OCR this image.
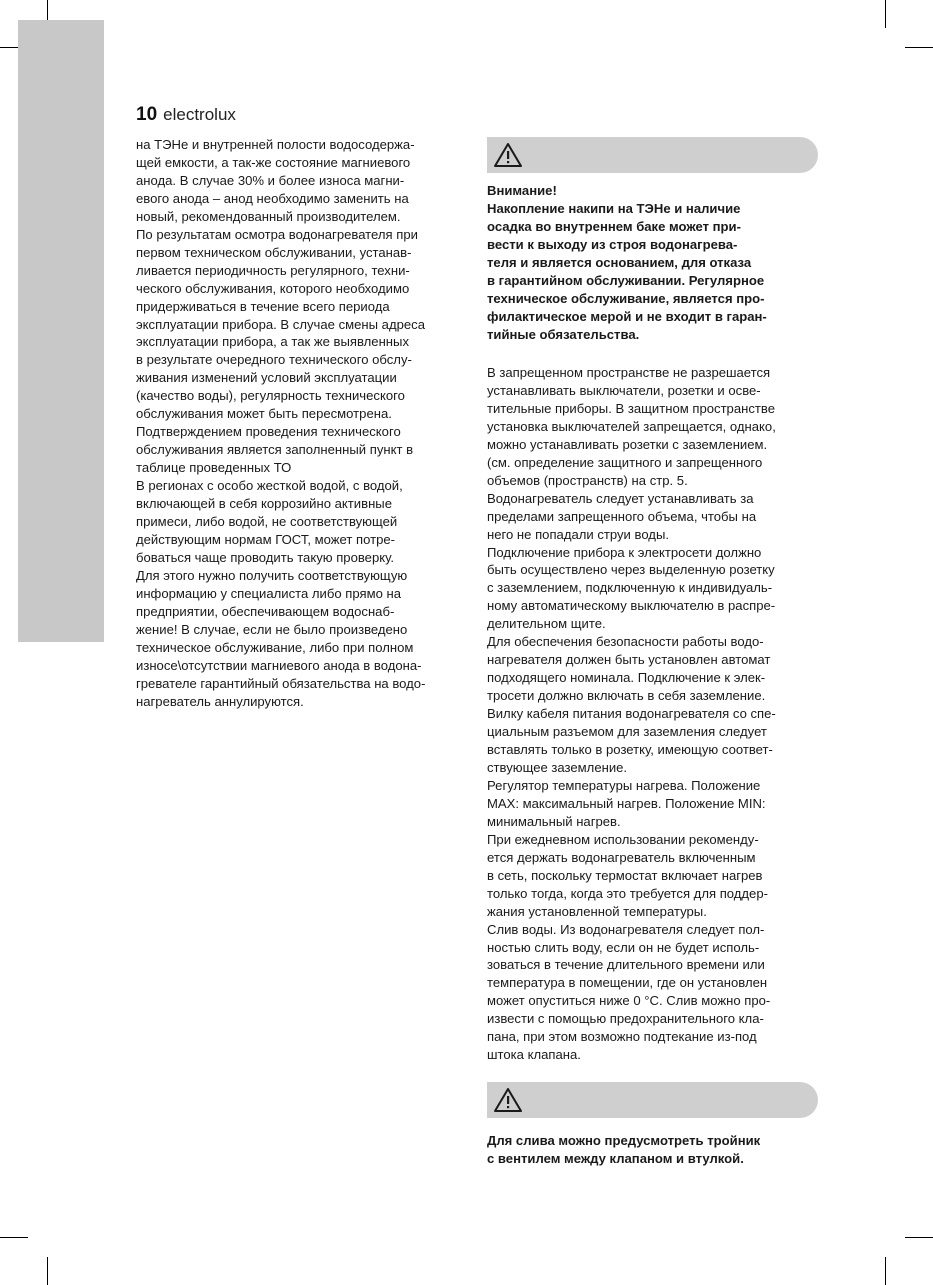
10 electrolux
на ТЭНе и внутренней полости водосодержа-
щей емкости, а так-же состояние магниевого
анода. В случае 30% и более износа магни-
евого анода – анод необходимо заменить на
новый, рекомендованный производителем.
По результатам осмотра водонагревателя при
первом техническом обслуживании, устанав-
ливается периодичность регулярного, техни-
ческого обслуживания, которого необходимо
придерживаться в течение всего периода
эксплуатации прибора. В случае смены адреса
эксплуатации прибора, а так же выявленных
в результате очередного технического обслу-
живания изменений условий эксплуатации
(качество воды), регулярность технического
обслуживания может быть пересмотрена.
Подтверждением проведения технического
обслуживания является заполненный пункт в
таблице проведенных ТО
В регионах с особо жесткой водой, с водой,
включающей в себя коррозийно активные
примеси, либо водой, не соответствующей
действующим нормам ГОСТ, может потре-
боваться чаще проводить такую проверку.
Для этого нужно получить соответствующую
информацию у специалиста либо прямо на
предприятии, обеспечивающем водоснаб-
жение! В случае, если не было произведено
техническое обслуживание, либо при полном
износе\отсутствии магниевого анода в водона-
гревателе гарантийный обязательства на водо-
нагреватель аннулируются.
Внимание!
Накопление накипи на ТЭНе и наличие
осадка во внутреннем баке может при-
вести к выходу из строя водонагрева-
теля и является основанием, для отказа
в гарантийном обслуживании. Регулярное
техническое обслуживание, является про-
филактическое мерой и не входит в гаран-
тийные обязательства.
В запрещенном пространстве не разрешается
устанавливать выключатели, розетки и осве-
тительные приборы. В защитном пространстве
установка выключателей запрещается, однако,
можно устанавливать розетки с заземлением.
(см. определение защитного и запрещенного
объемов (пространств) на стр. 5.
Водонагреватель следует устанавливать за
пределами запрещенного объема, чтобы на
него не попадали струи воды.
Подключение прибора к электросети должно
быть осуществлено через выделенную розетку
с заземлением, подключенную к индивидуаль-
ному автоматическому выключателю в распре-
делительном щите.
Для обеспечения безопасности работы водо-
нагревателя должен быть установлен автомат
подходящего номинала. Подключение к элек-
тросети должно включать в себя заземление.
Вилку кабеля питания водонагревателя со спе-
циальным разъемом для заземления следует
вставлять только в розетку, имеющую соответ-
ствующее заземление.
Регулятор температуры нагрева. Положение
MAX: максимальный нагрев. Положение MIN:
минимальный нагрев.
При ежедневном использовании рекоменду-
ется держать водонагреватель включенным
в сеть, поскольку термостат включает нагрев
только тогда, когда это требуется для поддер-
жания установленной температуры.
Слив воды. Из водонагревателя следует пол-
ностью слить воду, если он не будет исполь-
зоваться в течение длительного времени или
температура в помещении, где он установлен
может опуститься ниже 0 °C. Слив можно про-
извести с помощью предохранительного кла-
пана, при этом возможно подтекание из-под
штока клапана.
Для слива можно предусмотреть тройник
с вентилем между клапаном и втулкой.
